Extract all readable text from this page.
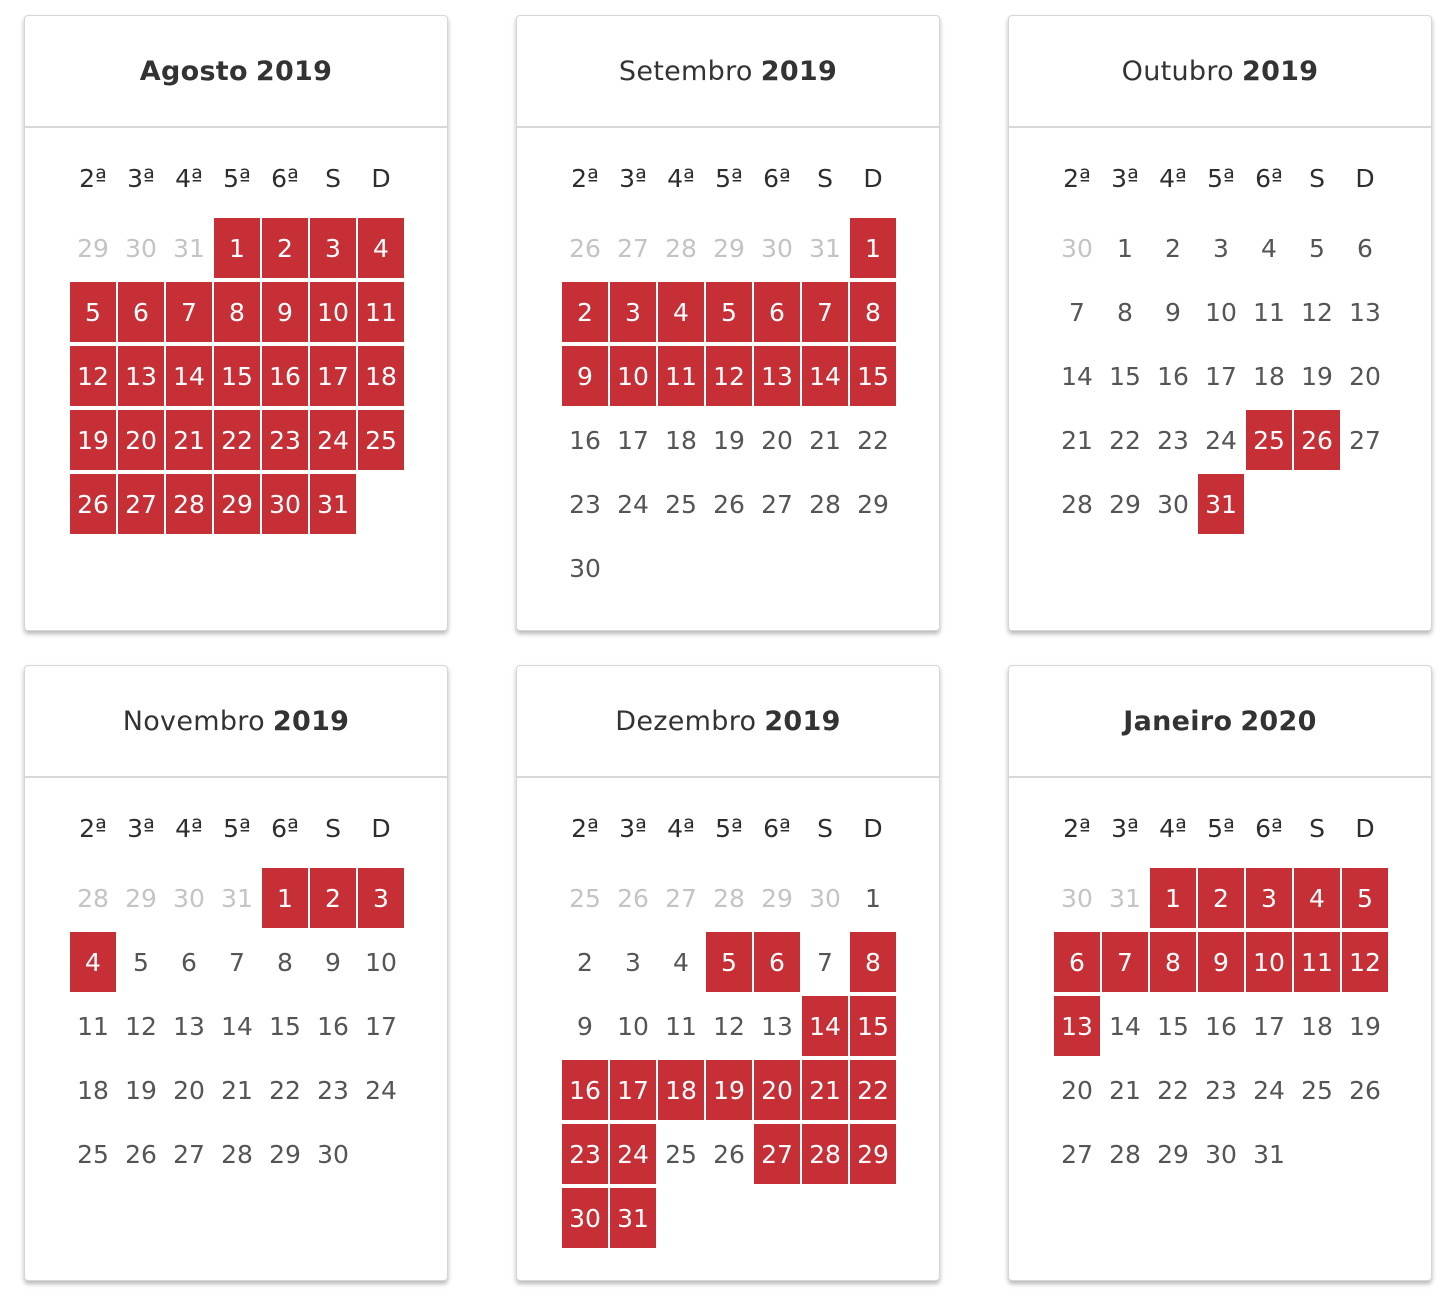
Agosto 2019
2ª 3ª 4ª 5ª 6ª	S	D
29 30 31 1	2	3	4
5	6	7	8	9 10 11
12 13 14 15 16 17 18
19 20 21 22 23 24 25
26 27 28 29 30 31
Setembro 2019
2ª 3ª 4ª 5ª 6ª	S	D
26 27 28 29 30 31 1
2	3	4	5	6	7	8
9 10 11 12 13 14 15
16 17 18 19 20 21 22
23 24 25 26 27 28 29
30
Outubro 2019
2ª 3ª 4ª 5ª 6ª	S	D
30 1	2	3	4	5	6
7	8	9 10 11 12 13
14 15 16 17 18 19 20
21 22 23 24 25 26 27
28 29 30 31
Novembro 2019
2ª 3ª 4ª 5ª 6ª	S	D
28 29 30 31 1	2	3
4	5	6	7	8	9 10
11 12 13 14 15 16 17
18 19 20 21 22 23 24
25 26 27 28 29 30
Dezembro 2019
2ª 3ª 4ª 5ª 6ª	S	D
25 26 27 28 29 30 1
2	3	4	5	6	7	8
9 10 11 12 13 14 15
16 17 18 19 20 21 22
23 24 25 26 27 28 29
30 31
Janeiro 2020
2ª 3ª 4ª 5ª 6ª	S	D
30 31 1	2	3	4	5
6	7	8	9 10 11 12
13 14 15 16 17 18 19
20 21 22 23 24 25 26
27 28 29 30 31
